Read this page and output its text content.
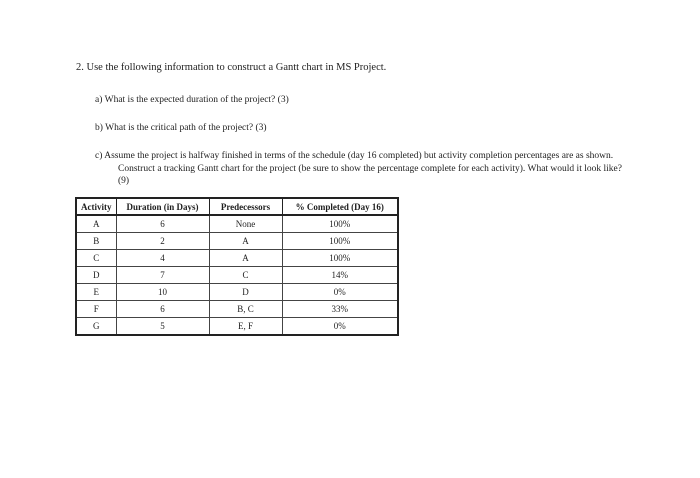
2. Use the following information to construct a Gantt chart in MS Project.
a) What is the expected duration of the project? (3)
b) What is the critical path of the project? (3)
c) Assume the project is halfway finished in terms of the schedule (day 16 completed) but activity completion percentages are as shown. Construct a tracking Gantt chart for the project (be sure to show the percentage complete for each activity). What would it look like? (9)
Activity	Duration (in Days)	Predecessors	% Completed (Day 16)
A	6	None	100%
B	2	A	100%
C	4	A	100%
D	7	C	14%
E	10	D	0%
F	6	B, C	33%
G	5	E, F	0%
